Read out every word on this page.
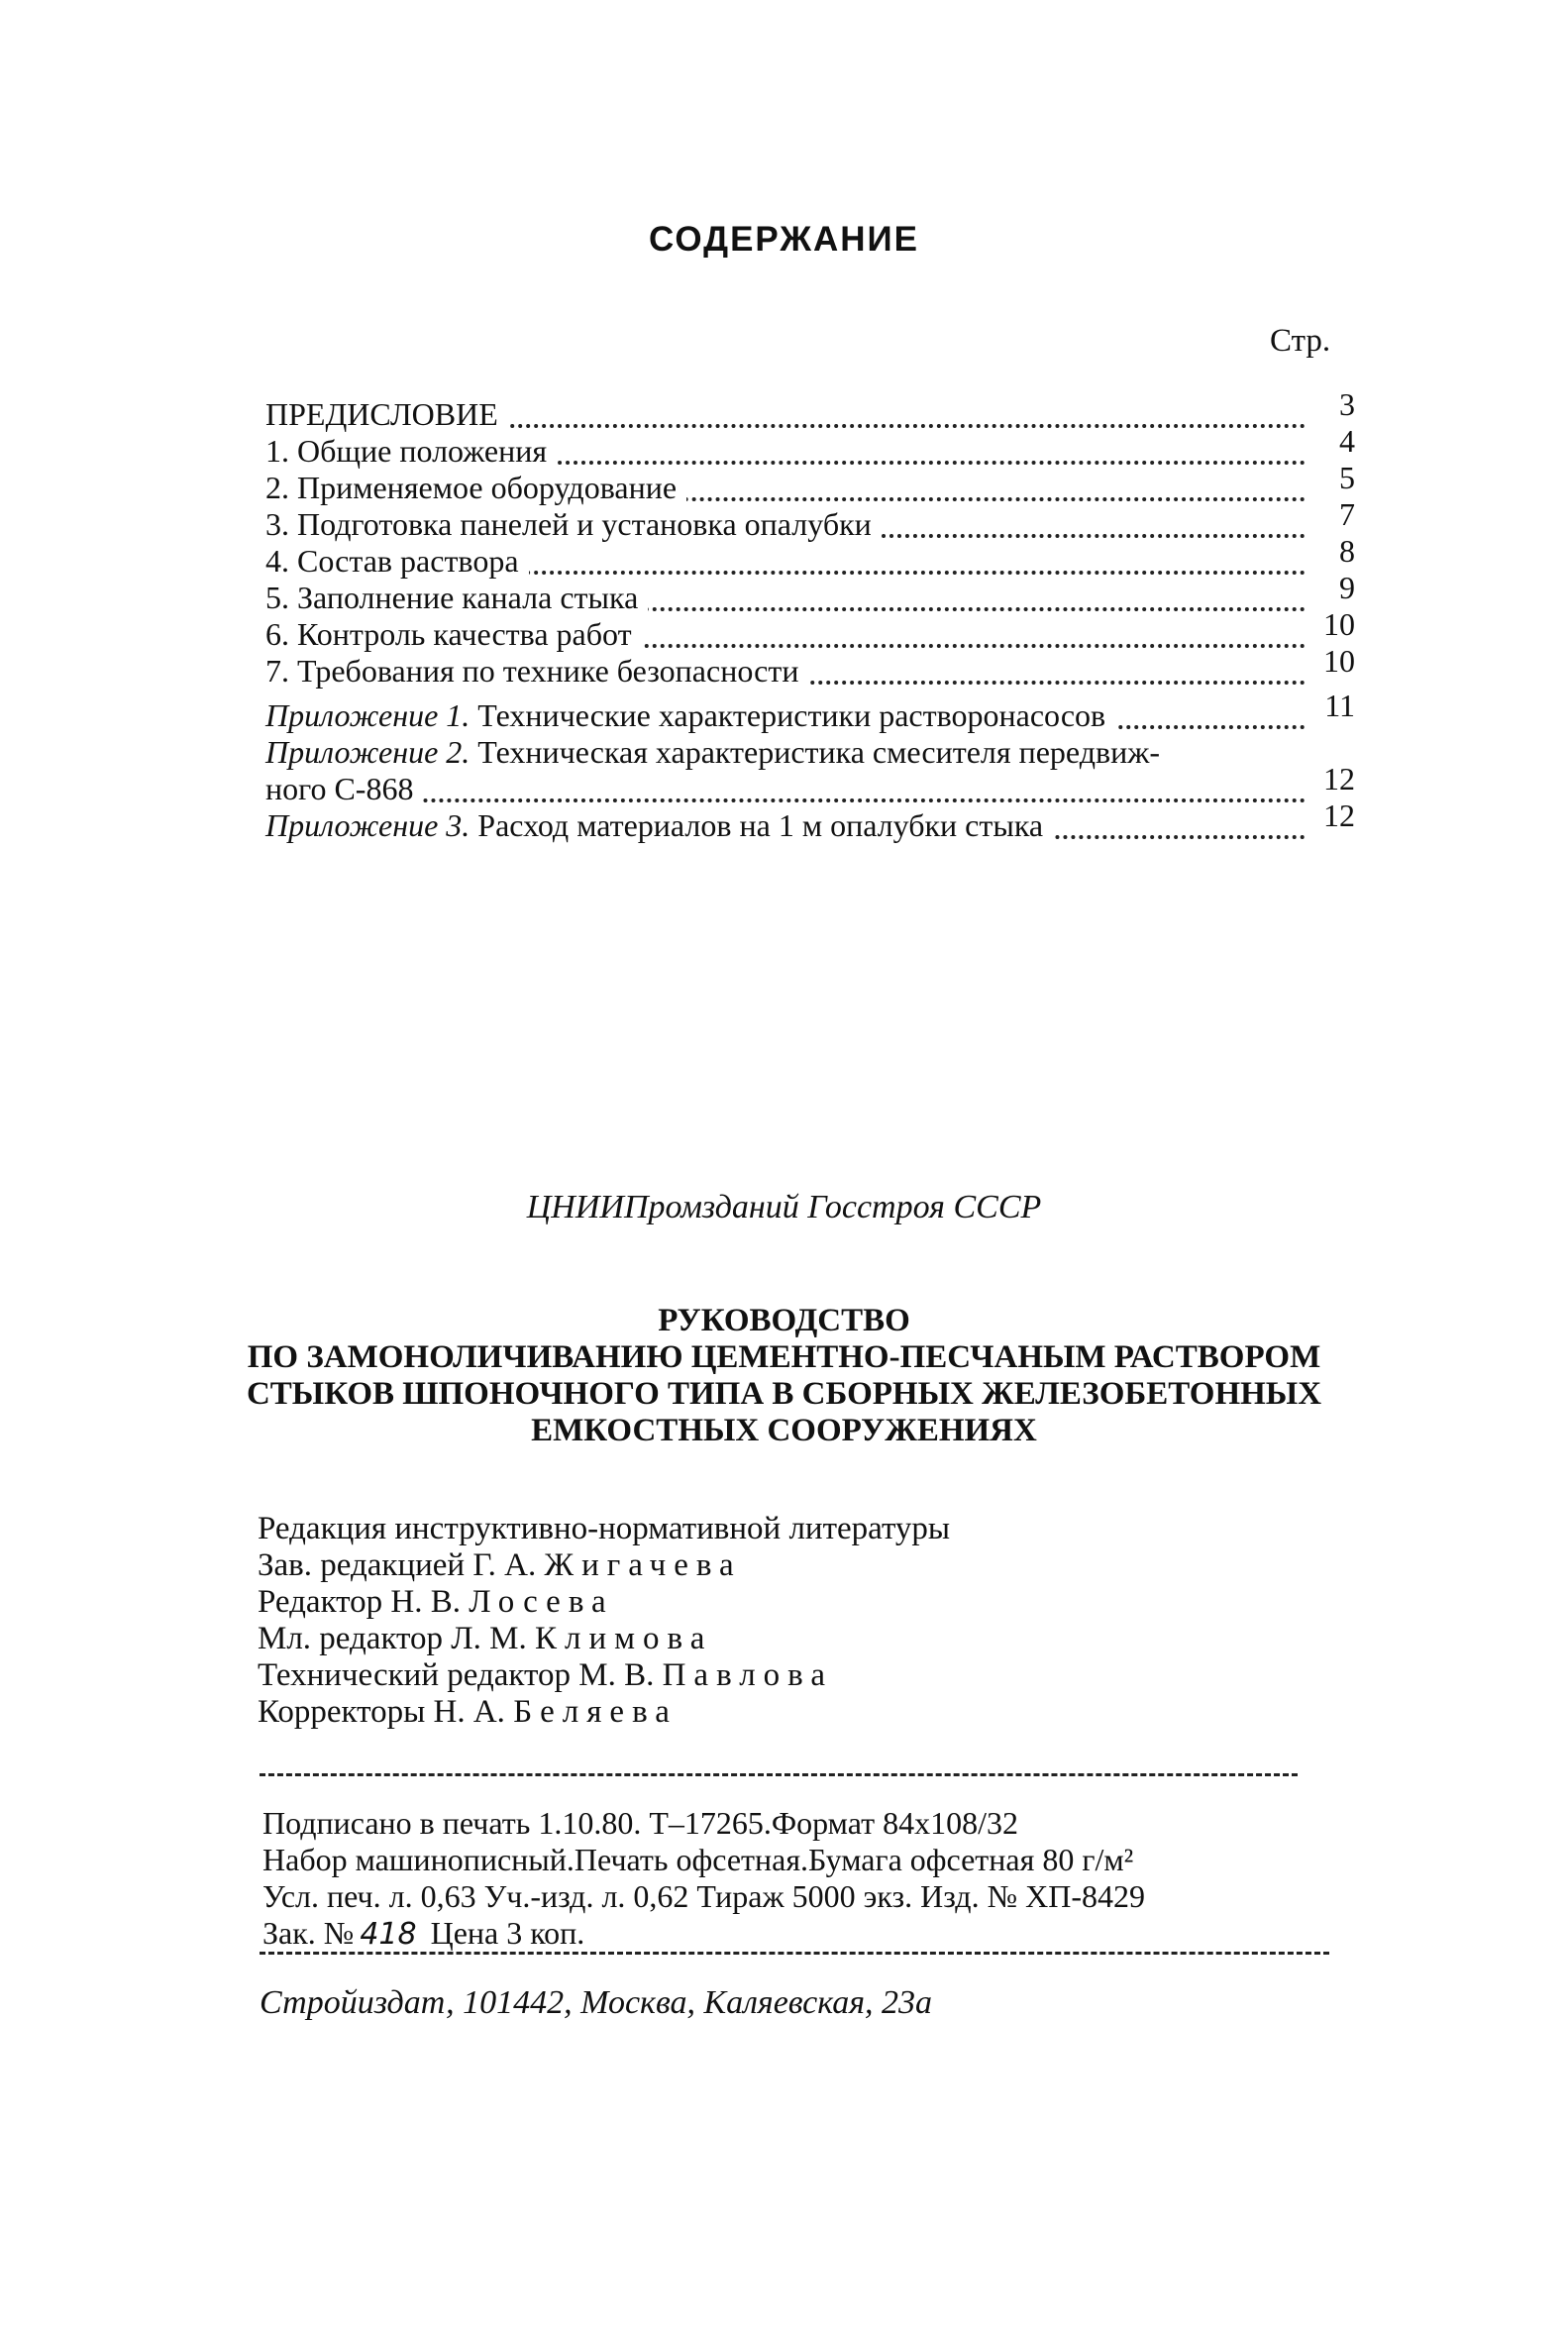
СОДЕРЖАНИЕ
Стр.
ПРЕДИСЛОВИЕ	3
1. Общие положения	4
2. Применяемое оборудование	5
3. Подготовка панелей и установка опалубки	7
4. Состав раствора	8
5. Заполнение канала стыка	9
6. Контроль качества работ	10
7. Требования по технике безопасности	10
Приложение 1. Технические характеристики растворонасосов	11
Приложение 2. Техническая характеристика смесителя передвиж-
ного С-868	12
Приложение 3. Расход материалов на 1 м опалубки стыка	12
ЦНИИПромзданий Госстроя СССР
РУКОВОДСТВО
ПО ЗАМОНОЛИЧИВАНИЮ ЦЕМЕНТНО-ПЕСЧАНЫМ РАСТВОРОМ
СТЫКОВ ШПОНОЧНОГО ТИПА В СБОРНЫХ ЖЕЛЕЗОБЕТОННЫХ
ЕМКОСТНЫХ СООРУЖЕНИЯХ
Редакция инструктивно-нормативной литературы
Зав. редакцией Г. А. Жигачева
Редактор Н. В. Лосева
Мл. редактор Л. М. Климова
Технический редактор М. В. Павлова
Корректоры Н. А. Беляева
Подписано в печать 1.10.80. Т–17265.Формат 84х108/32
Набор машинописный.Печать офсетная.Бумага офсетная 80 г/м²
Усл. печ. л. 0,63 Уч.-изд. л. 0,62 Тираж 5000 экз. Изд. № ХП-8429
Зак. № 418 Цена 3 коп.
Стройиздат, 101442, Москва, Каляевская, 23а
